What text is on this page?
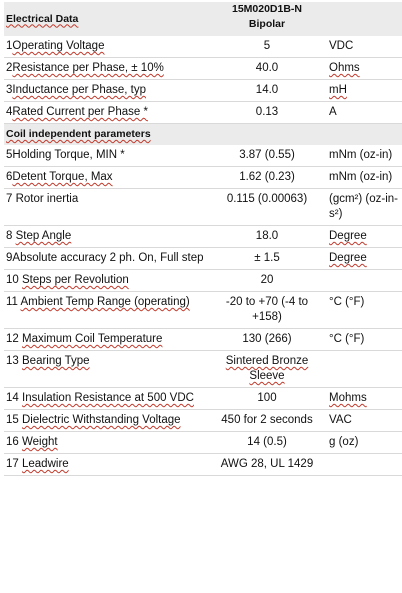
Electrical Data	15M020D1B-N
Bipolar	

1Operating Voltage	5	VDC
2Resistance per Phase, ± 10%	40.0	Ohms
3Inductance per Phase, typ	14.0	mH
4Rated Current per Phase *	0.13	A
Coil independent parameters		
5Holding Torque, MIN *	3.87 (0.55)	mNm (oz-in)
6Detent Torque, Max	1.62 (0.23)	mNm (oz-in)
7 Rotor inertia	0.115 (0.00063)	(gcm²) (oz-in-s²)
8 Step Angle	18.0	Degree
9Absolute accuracy 2 ph. On, Full step	± 1.5	Degree
10 Steps per Revolution	20	
11 Ambient Temp Range (operating)	-20 to +70 (-4 to +158)	°C (°F)
12 Maximum Coil Temperature	130 (266)	°C (°F)
13 Bearing Type	Sintered Bronze Sleeve	
14 Insulation Resistance at 500 VDC	100	Mohms
15 Dielectric Withstanding Voltage	450 for 2 seconds	VAC
16 Weight	14 (0.5)	g (oz)
17 Leadwire	AWG 28, UL 1429	
